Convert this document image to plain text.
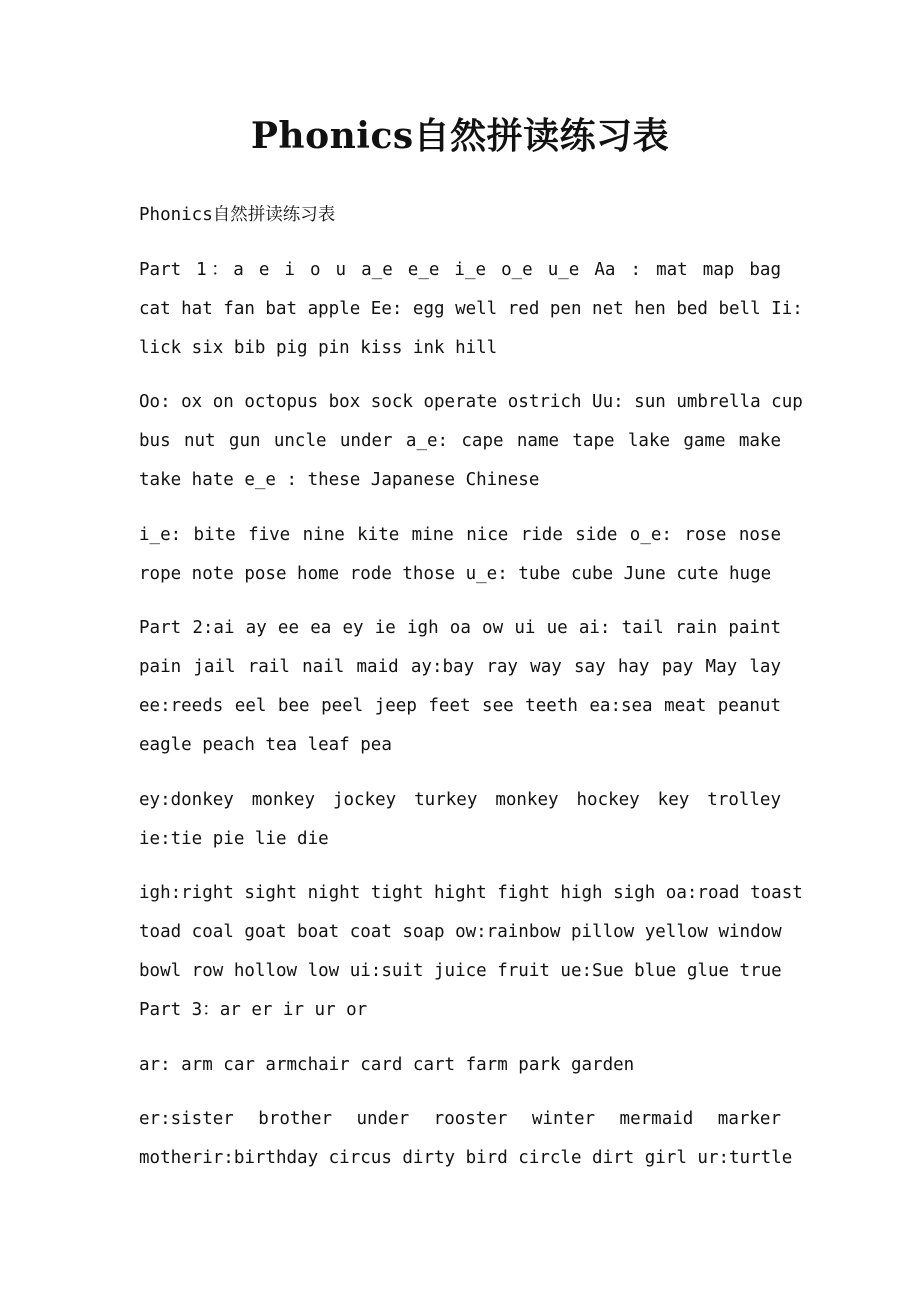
Phonics自然拼读练习表

Phonics自然拼读练习表

Part 1：a e i o u a_e e_e i_e o_e u_e Aa : mat map bag
cat hat fan bat apple Ee: egg well red pen net hen bed bell Ii:
lick six bib pig pin kiss ink hill

Oo: ox on octopus box sock operate ostrich Uu: sun umbrella cup
bus nut gun uncle under a_e: cape name tape lake game make
take hate e_e : these Japanese Chinese

i_e: bite five nine kite mine nice ride side o_e: rose nose
rope note pose home rode those u_e: tube cube June cute huge

Part 2:ai ay ee ea ey ie igh oa ow ui ue ai: tail rain paint
pain jail rail nail maid ay:bay ray way say hay pay May lay
ee:reeds eel bee peel jeep feet see teeth ea:sea meat peanut
eagle peach tea leaf pea

ey:donkey monkey jockey turkey monkey hockey key trolley
ie:tie pie lie die

igh:right sight night tight hight fight high sigh oa:road toast
toad coal goat boat coat soap ow:rainbow pillow yellow window
bowl row hollow low ui:suit juice fruit ue:Sue blue glue true
Part 3：ar er ir ur or

ar: arm car armchair card cart farm park garden

er:sister brother under rooster winter mermaid marker
motherir:birthday circus dirty bird circle dirt girl ur:turtle
